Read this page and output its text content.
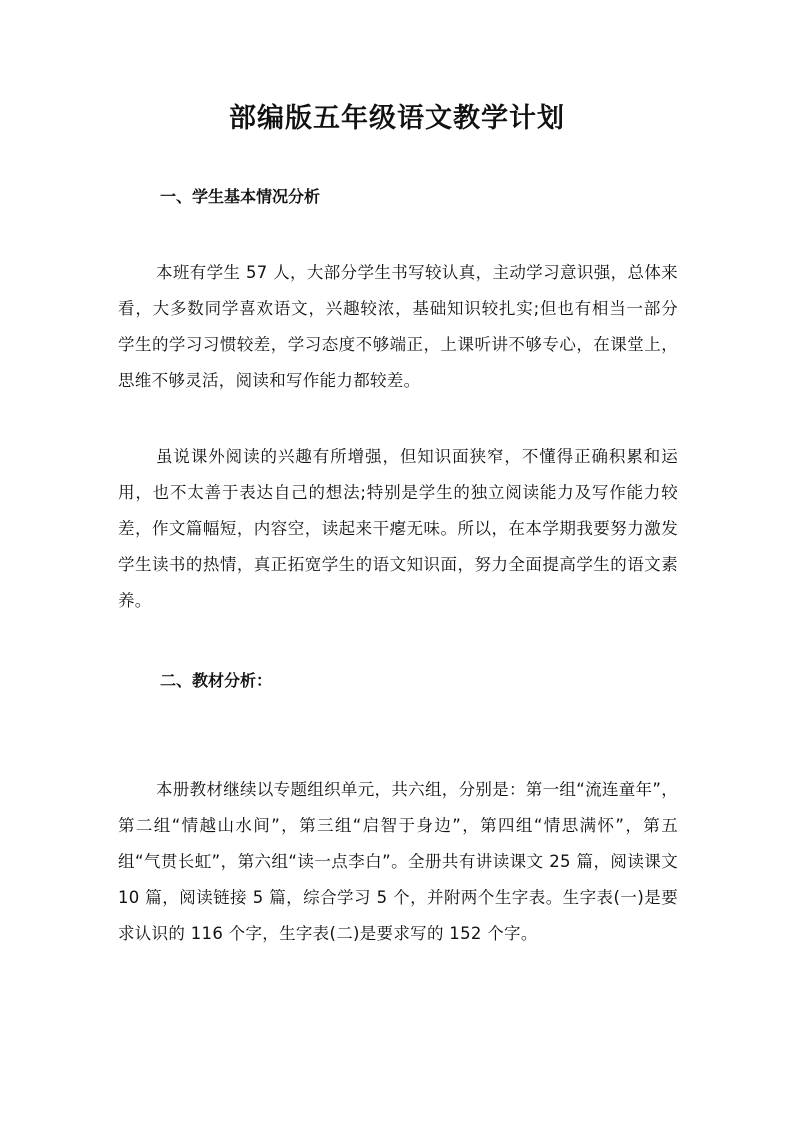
部编版五年级语文教学计划
一、学生基本情况分析

本班有学生 57 人，大部分学生书写较认真，主动学习意识强，总体来看，大多数同学喜欢语文，兴趣较浓，基础知识较扎实;但也有相当一部分学生的学习习惯较差，学习态度不够端正，上课听讲不够专心，在课堂上，思维不够灵活，阅读和写作能力都较差。

虽说课外阅读的兴趣有所增强，但知识面狭窄，不懂得正确积累和运用，也不太善于表达自己的想法;特别是学生的独立阅读能力及写作能力较差，作文篇幅短，内容空，读起来干瘪无味。所以，在本学期我要努力激发学生读书的热情，真正拓宽学生的语文知识面，努力全面提高学生的语文素养。

二、教材分析：

本册教材继续以专题组织单元，共六组，分别是：第一组“流连童年”，第二组“情越山水间”，第三组“启智于身边”，第四组“情思满怀”，第五组“气贯长虹”，第六组“读一点李白”。全册共有讲读课文 25 篇，阅读课文 10 篇，阅读链接 5 篇，综合学习 5 个，并附两个生字表。生字表(一)是要求认识的 116 个字，生字表(二)是要求写的 152 个字。
